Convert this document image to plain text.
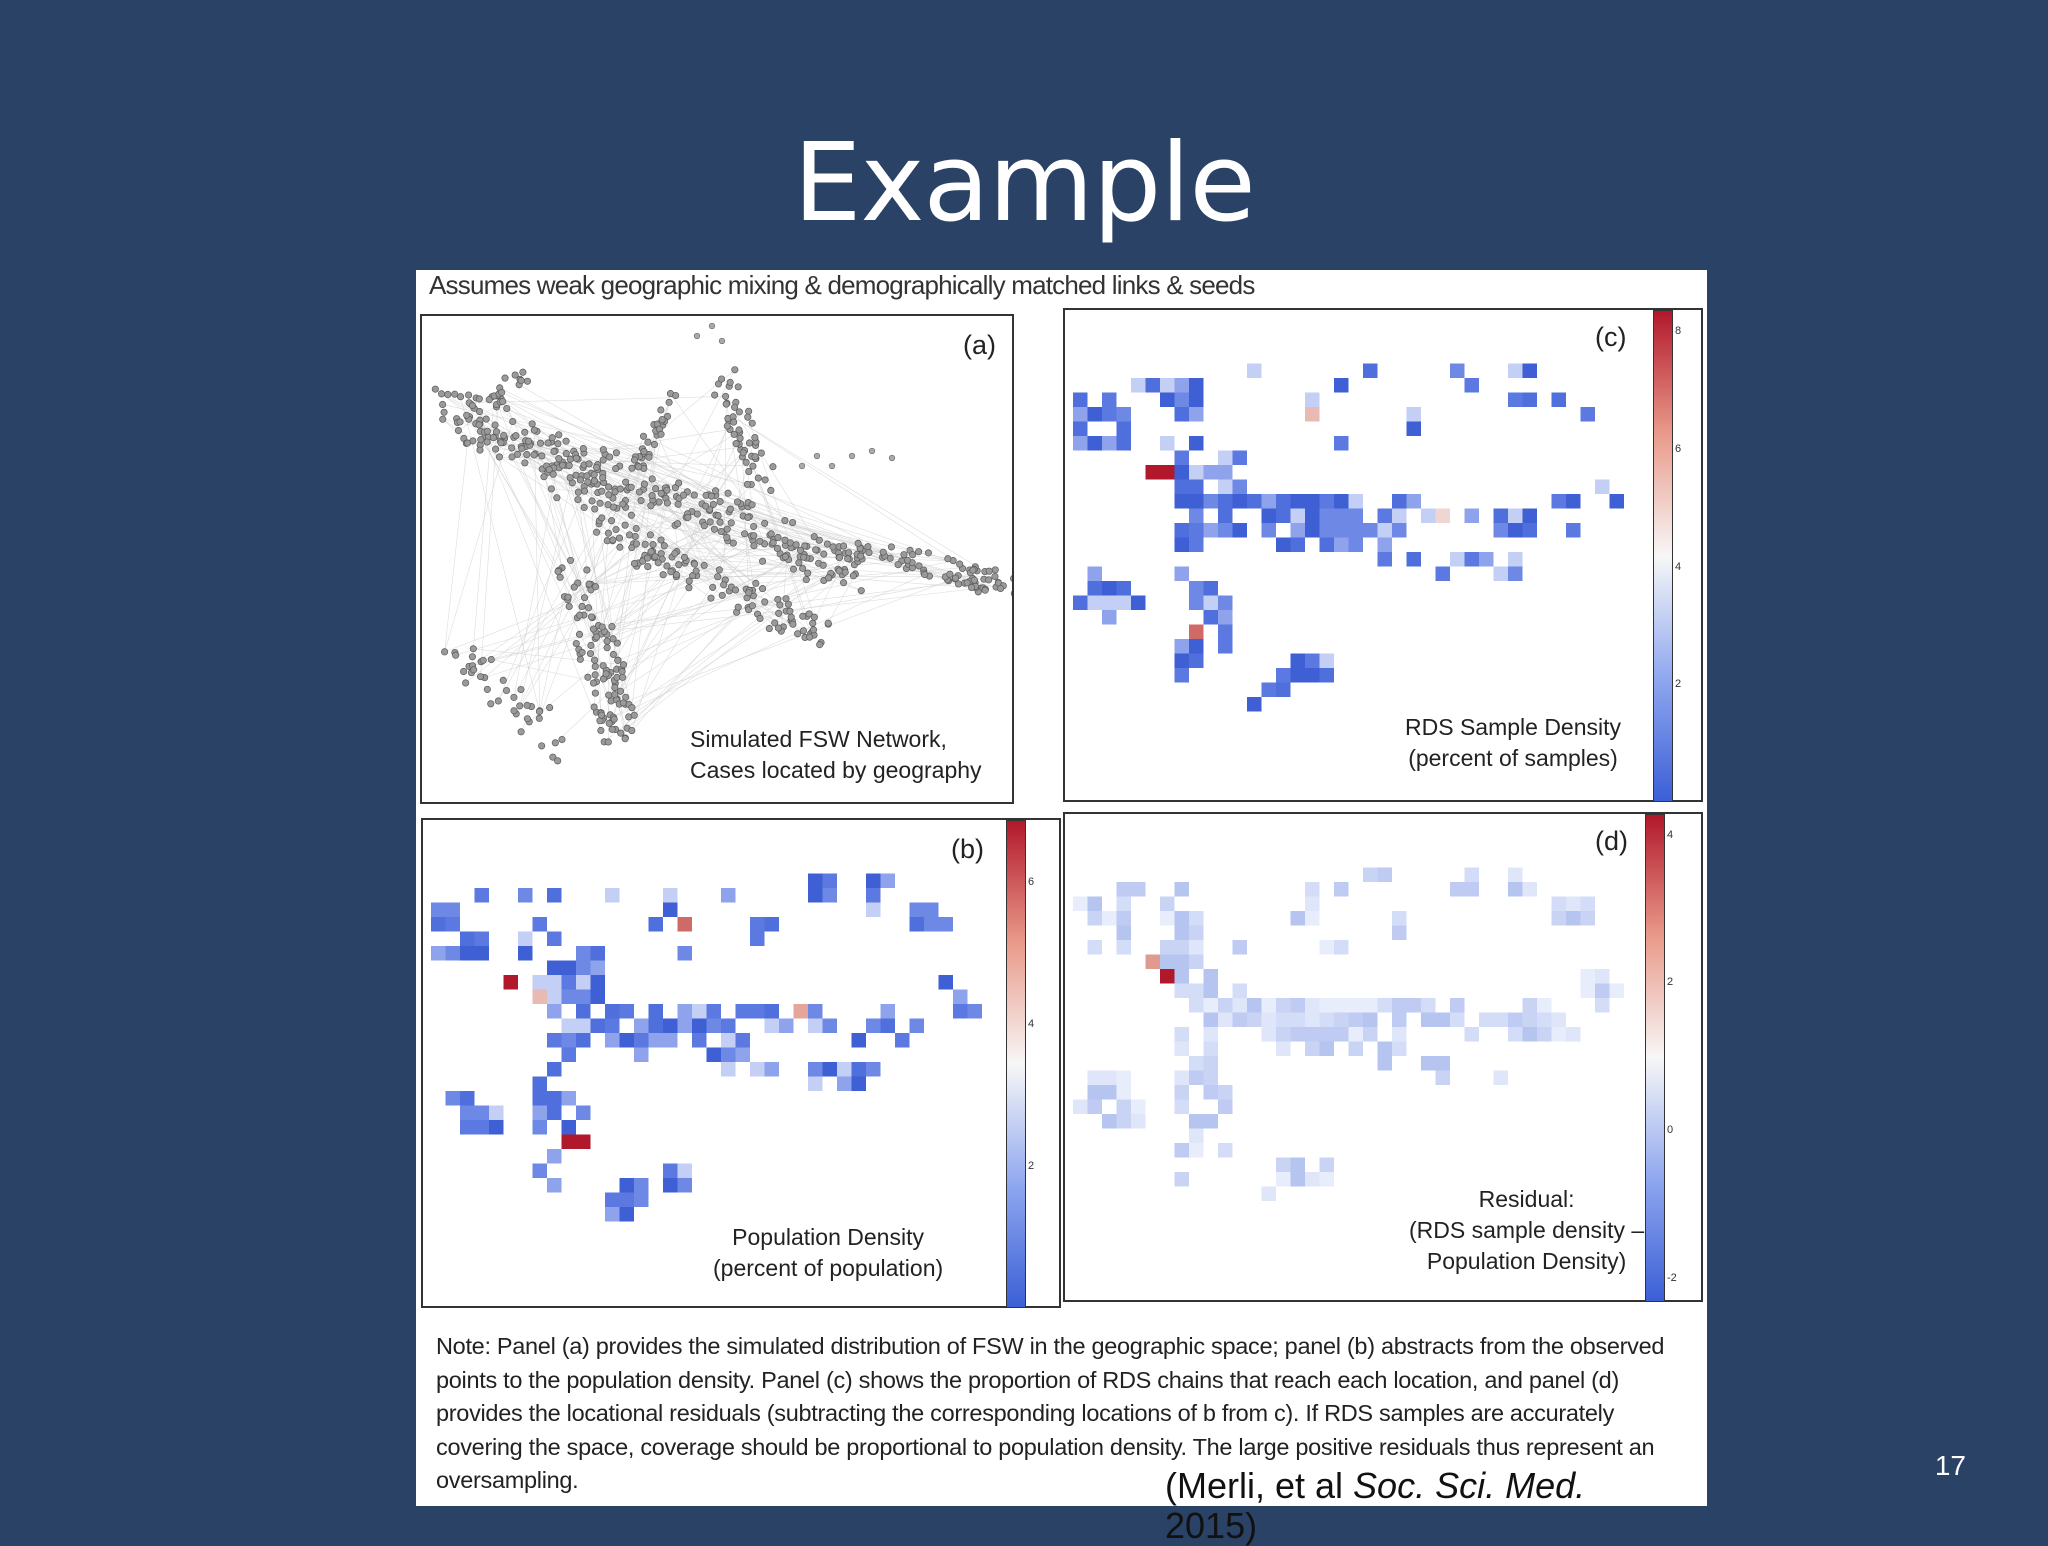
Example
Assumes weak geographic mixing & demographically matched links & seeds
(a)
Simulated FSW Network,
Cases located by geography
(c)
RDS Sample Density
(percent of samples)
8
6
4
2
(b)
Population Density
(percent of population)
6
4
2
(d)
Residual:
(RDS sample density –
Population Density)
4
2
0
-2
Note: Panel (a) provides the simulated distribution of FSW in the geographic space; panel (b) abstracts from the observed points to the population density. Panel (c) shows the proportion of RDS chains that reach each location, and panel (d) provides the locational residuals (subtracting the corresponding locations of b from c). If RDS samples are accurately covering the space, coverage should be proportional to population density. The large positive residuals thus represent an oversampling.	(Merli, et al Soc. Sci. Med.
2015)
17
